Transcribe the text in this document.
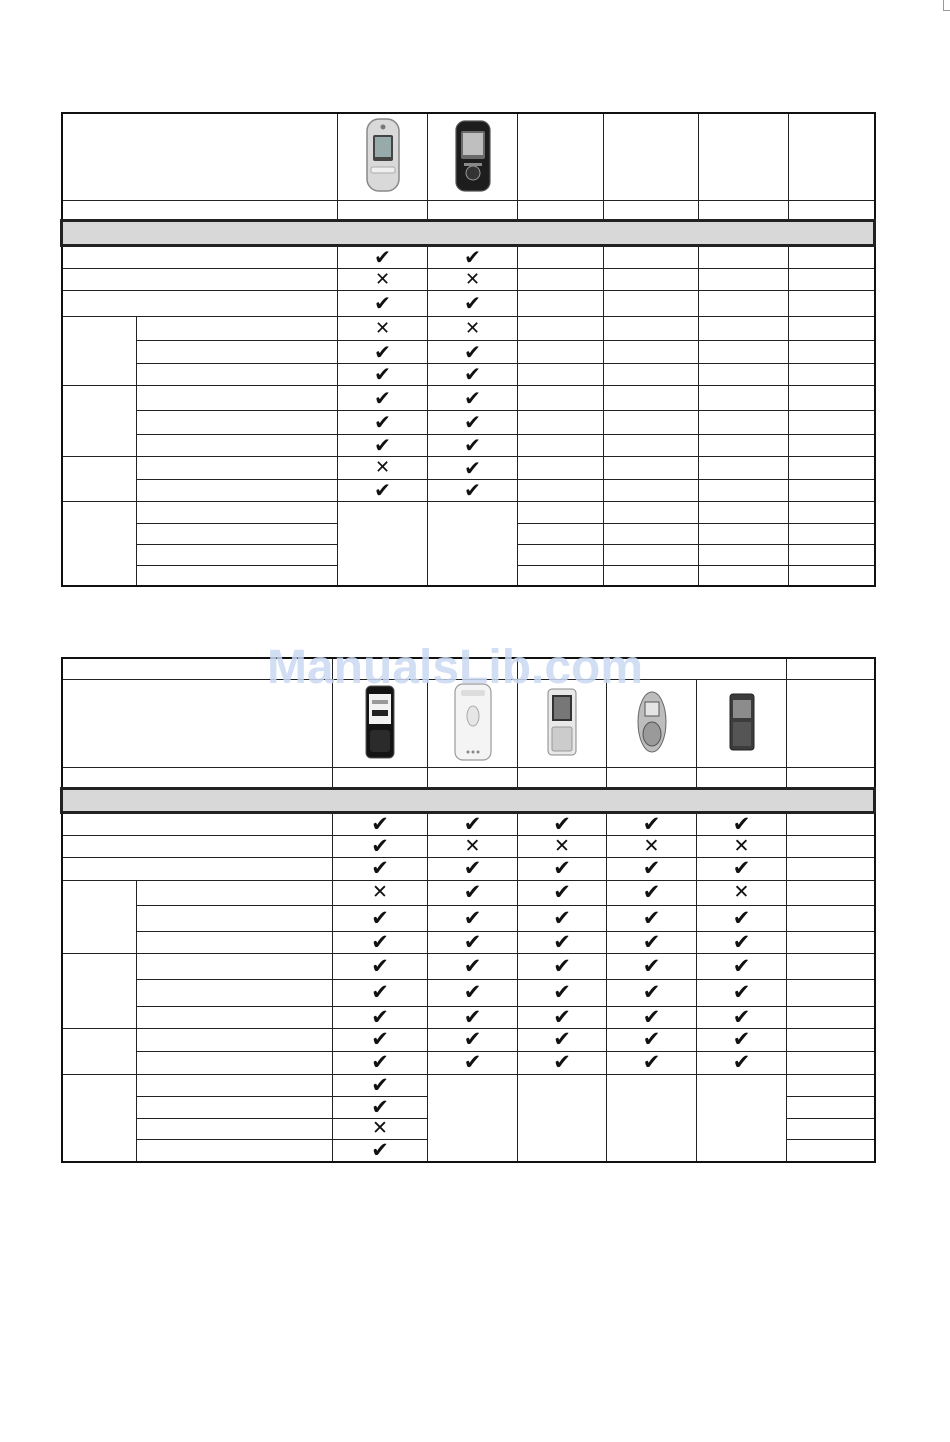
		✔	✔				
		✕	✕				
		✔	✔				
		✕	✕				
		✔	✔				
		✔	✔				
		✔	✔				
		✔	✔				
		✔	✔				
		✕	✔				
		✔	✔				

		✔	✔	✔	✔	✔	
		✔	✕	✕	✕	✕	
		✔	✔	✔	✔	✔	
		✕	✔	✔	✔	✕	
		✔	✔	✔	✔	✔	
		✔	✔	✔	✔	✔	
		✔	✔	✔	✔	✔	
		✔	✔	✔	✔	✔	
		✔	✔	✔	✔	✔	
		✔	✔	✔	✔	✔	
		✔	✔	✔	✔	✔	
		✔					
		✔					
		✕					
		✔					
ManualsLib.com
